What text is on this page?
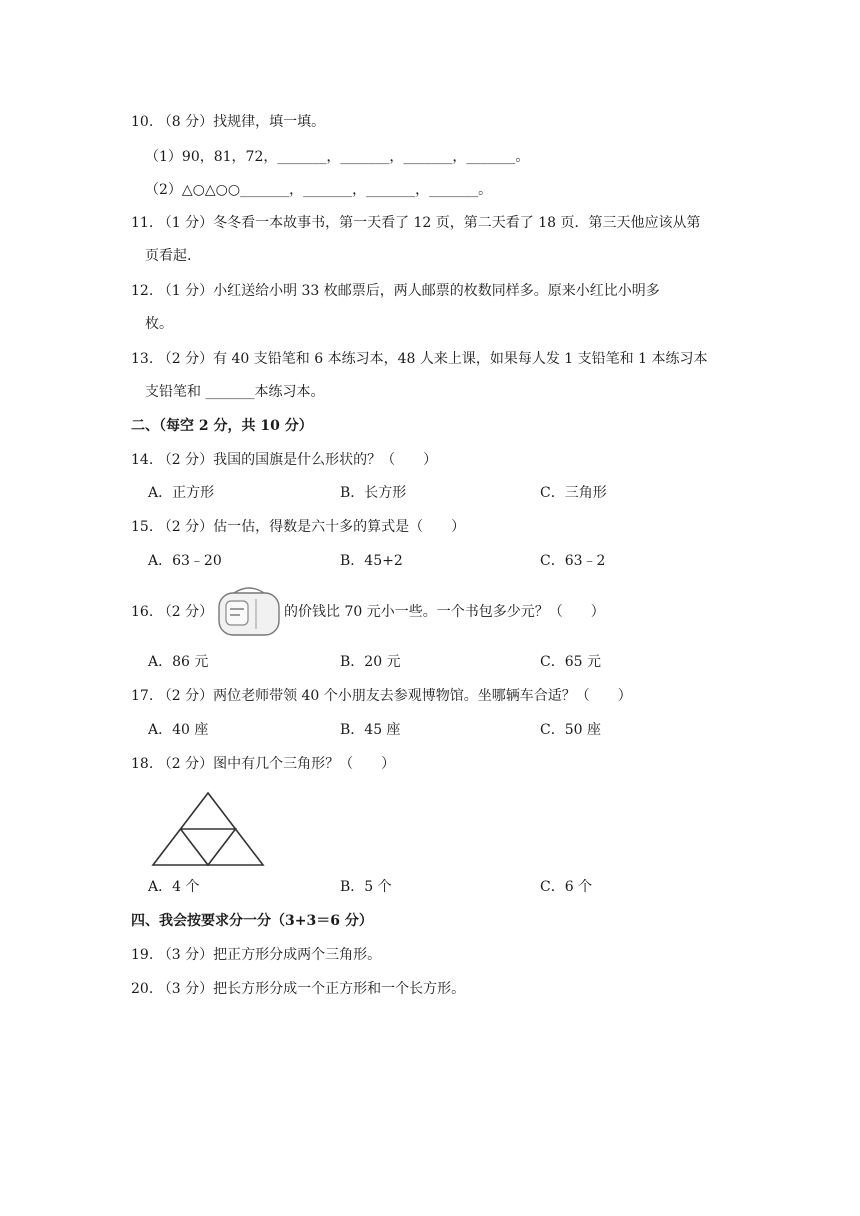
10. （8 分）找规律，填一填。
（1）90，81，72，_______，_______，_______，_______。
（2）△○△○○_______，_______，_______，_______。
11. （1 分）冬冬看一本故事书，第一天看了 12 页，第二天看了 18 页．第三天他应该从第
页看起.
12. （1 分）小红送给小明 33 枚邮票后，两人邮票的枚数同样多。原来小红比小明多
枚。
13. （2 分）有 40 支铅笔和 6 本练习本，48 人来上课，如果每人发 1 支铅笔和 1 本练习本
支铅笔和 _______本练习本。
二、（每空 2 分，共 10 分）
14. （2 分）我国的国旗是什么形状的？（　　）
A．正方形	B．长方形	C．三角形
15. （2 分）估一估，得数是六十多的算式是（　　）
A．63﹣20	B．45+2	C．63﹣2
16. （2 分）	的价钱比 70 元小一些。一个书包多少元？（　　）
A．86 元	B．20 元	C．65 元
17. （2 分）两位老师带领 40 个小朋友去参观博物馆。坐哪辆车合适？（　　）
A．40 座	B．45 座	C．50 座
18. （2 分）图中有几个三角形？（　　）
A．4 个	B．5 个	C．6 个
四、我会按要求分一分（3+3＝6 分）
19. （3 分）把正方形分成两个三角形。
20. （3 分）把长方形分成一个正方形和一个长方形。
